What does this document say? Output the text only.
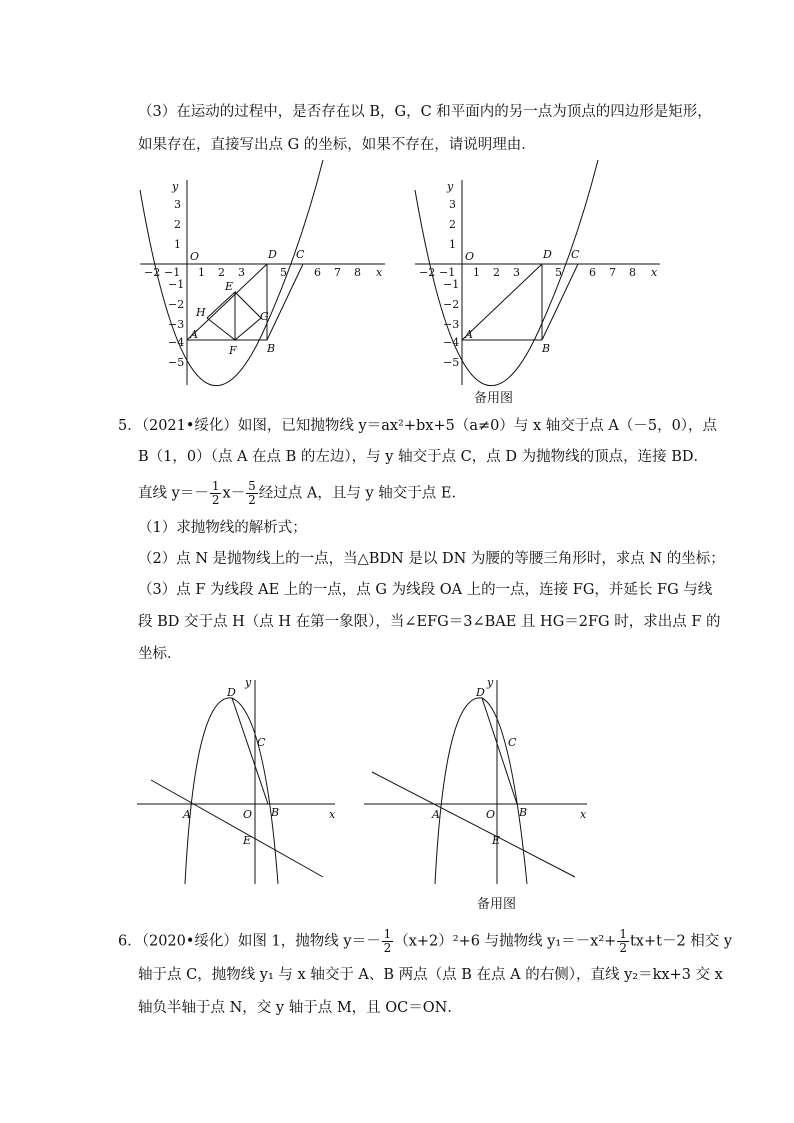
（3）在运动的过程中，是否存在以 B，G，C 和平面内的另一点为顶点的四边形是矩形，
如果存在，直接写出点 G 的坐标，如果不存在，请说明理由．
−2 −1 1 2 3	5 6 7 8
3
2
1
−1
−2
−3
−4
−5
x
y
O
A
B
C
D
E
F
G
H
−2 −1 1 2 3	5 6 7 8
3
2
1
−1
−2
−3
−4
−5
x
y
O
A
B
C
D
备用图
5．（2021•绥化）如图，已知抛物线 y＝ax²+bx+5（a≠0）与 x 轴交于点 A（－5，0），点
B（1，0）（点 A 在点 B 的左边），与 y 轴交于点 C，点 D 为抛物线的顶点，连接 BD．
直线 $y=- \frac{1}{2} x- \frac{5}{2}$ 经过点 A，且与 y 轴交于点 E．
（1）求抛物线的解析式；
（2）点 N 是抛物线上的一点，当△BDN 是以 DN 为腰的等腰三角形时，求点 N 的坐标；
（3）点 F 为线段 AE 上的一点，点 G 为线段 OA 上的一点，连接 FG，并延长 FG 与线
段 BD 交于点 H（点 H 在第一象限），当∠EFG＝3∠BAE 且 HG＝2FG 时，求出点 F 的
坐标．
x
y
O
A	B
C
D
E
x
y
O
A	B
C
D
E
备用图
6．（2020•绥化）如图 1，抛物线 $y=- \frac{1}{2} (x+2)^2+6$ 与抛物线 $y_1=-x^2+ \frac{1}{2} tx+t-2$ 相交 y
轴于点 C，抛物线 y₁ 与 x 轴交于 A、B 两点（点 B 在点 A 的右侧），直线 y₂＝kx+3 交 x
轴负半轴于点 N，交 y 轴于点 M，且 OC＝ON．
